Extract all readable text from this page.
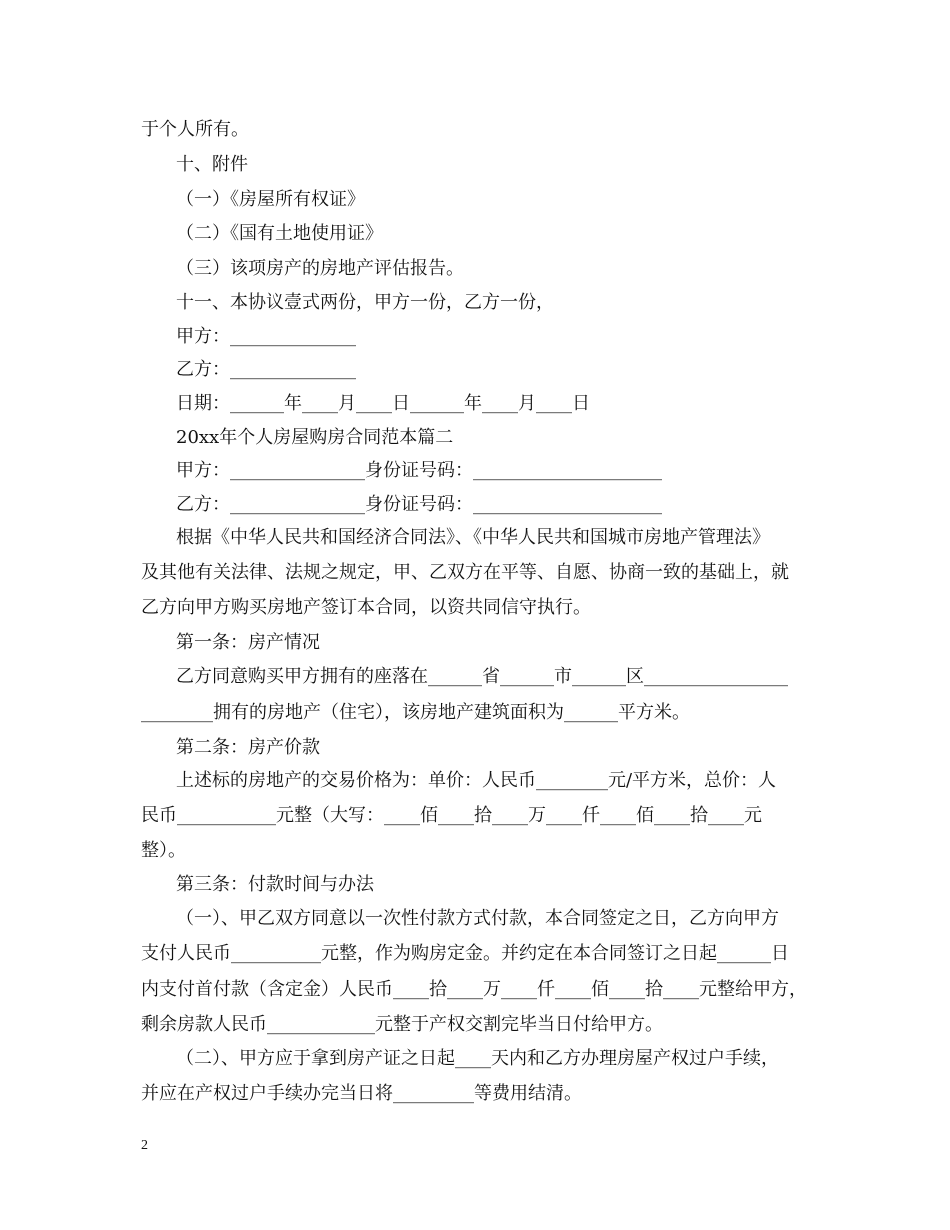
于个人所有。
十、附件
（一）《房屋所有权证》
（二）《国有土地使用证》
（三）该项房产的房地产评估报告。
十一、本协议壹式两份，甲方一份，乙方一份，
甲方：______________
乙方：______________
日期：______年____月____日______年____月____日
20xx年个人房屋购房合同范本篇二
甲方：_______________身份证号码：_____________________
乙方：_______________身份证号码：_____________________
根据《中华人民共和国经济合同法》、《中华人民共和国城市房地产管理法》
及其他有关法律、法规之规定，甲、乙双方在平等、自愿、协商一致的基础上，就
乙方向甲方购买房地产签订本合同，以资共同信守执行。
第一条：房产情况
乙方同意购买甲方拥有的座落在______省______市______区________________
________拥有的房地产（住宅），该房地产建筑面积为______平方米。
第二条：房产价款
上述标的房地产的交易价格为：单价：人民币________元/平方米，总价：人
民币___________元整（大写：____佰____拾____万____仟____佰____拾____元
整）。
第三条：付款时间与办法
（一）、甲乙双方同意以一次性付款方式付款，本合同签定之日，乙方向甲方
支付人民币__________元整，作为购房定金。并约定在本合同签订之日起______日
内支付首付款（含定金）人民币____拾____万____仟____佰____拾____元整给甲方，
剩余房款人民币____________元整于产权交割完毕当日付给甲方。
（二）、甲方应于拿到房产证之日起____天内和乙方办理房屋产权过户手续，
并应在产权过户手续办完当日将_________等费用结清。
2
